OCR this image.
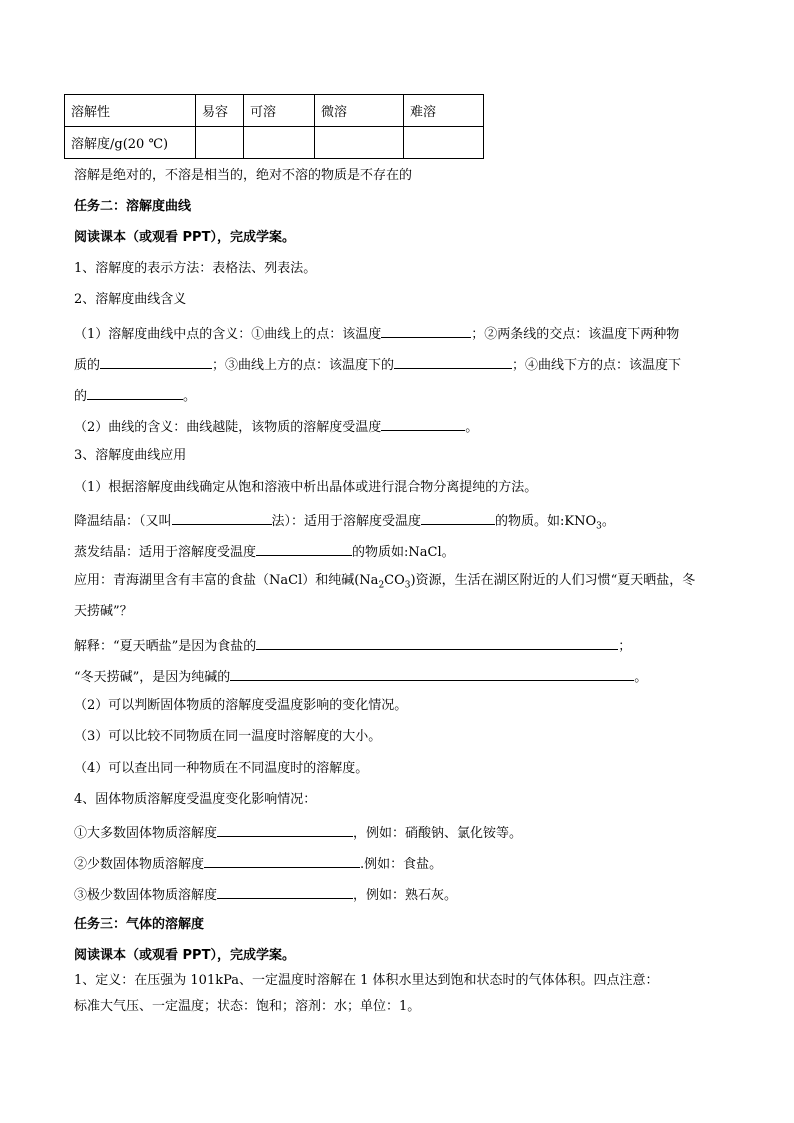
溶解性	易容	可溶	微溶	难溶
溶解度/g(20 ℃)				
溶解是绝对的，不溶是相当的，绝对不溶的物质是不存在的
任务二：溶解度曲线
阅读课本（或观看 PPT），完成学案。
1、溶解度的表示方法：表格法、列表法。
2、溶解度曲线含义
（1）溶解度曲线中点的含义：①曲线上的点：该温度	；②两条线的交点：该温度下两种物
质的	；③曲线上方的点：该温度下的	；④曲线下方的点：该温度下
的	。
（2）曲线的含义：曲线越陡，该物质的溶解度受温度	。
3、溶解度曲线应用
（1）根据溶解度曲线确定从饱和溶液中析出晶体或进行混合物分离提纯的方法。
降温结晶：（又叫	法）：适用于溶解度受温度	的物质。如$:KNO_3$。
蒸发结晶：适用于溶解度受温度	的物质如:NaCl。
应用：青海湖里含有丰富的食盐（NaCl）和纯碱$(Na_2CO_3)$资源，生活在湖区附近的人们习惯“夏天晒盐，冬
天捞碱”？
解释：“夏天晒盐”是因为食盐的	；
“冬天捞碱”，是因为纯碱的	。
（2）可以判断固体物质的溶解度受温度影响的变化情况。
（3）可以比较不同物质在同一温度时溶解度的大小。
（4）可以查出同一种物质在不同温度时的溶解度。
4、固体物质溶解度受温度变化影响情况：
①大多数固体物质溶解度	，例如：硝酸钠、氯化铵等。
②少数固体物质溶解度	.例如：食盐。
③极少数固体物质溶解度	，例如：熟石灰。
任务三：气体的溶解度
阅读课本（或观看 PPT），完成学案。
1、定义：在压强为 101kPa、一定温度时溶解在 1 体积水里达到饱和状态时的气体体积。四点注意：
标准大气压、一定温度；状态：饱和；溶剂：水；单位：1。
